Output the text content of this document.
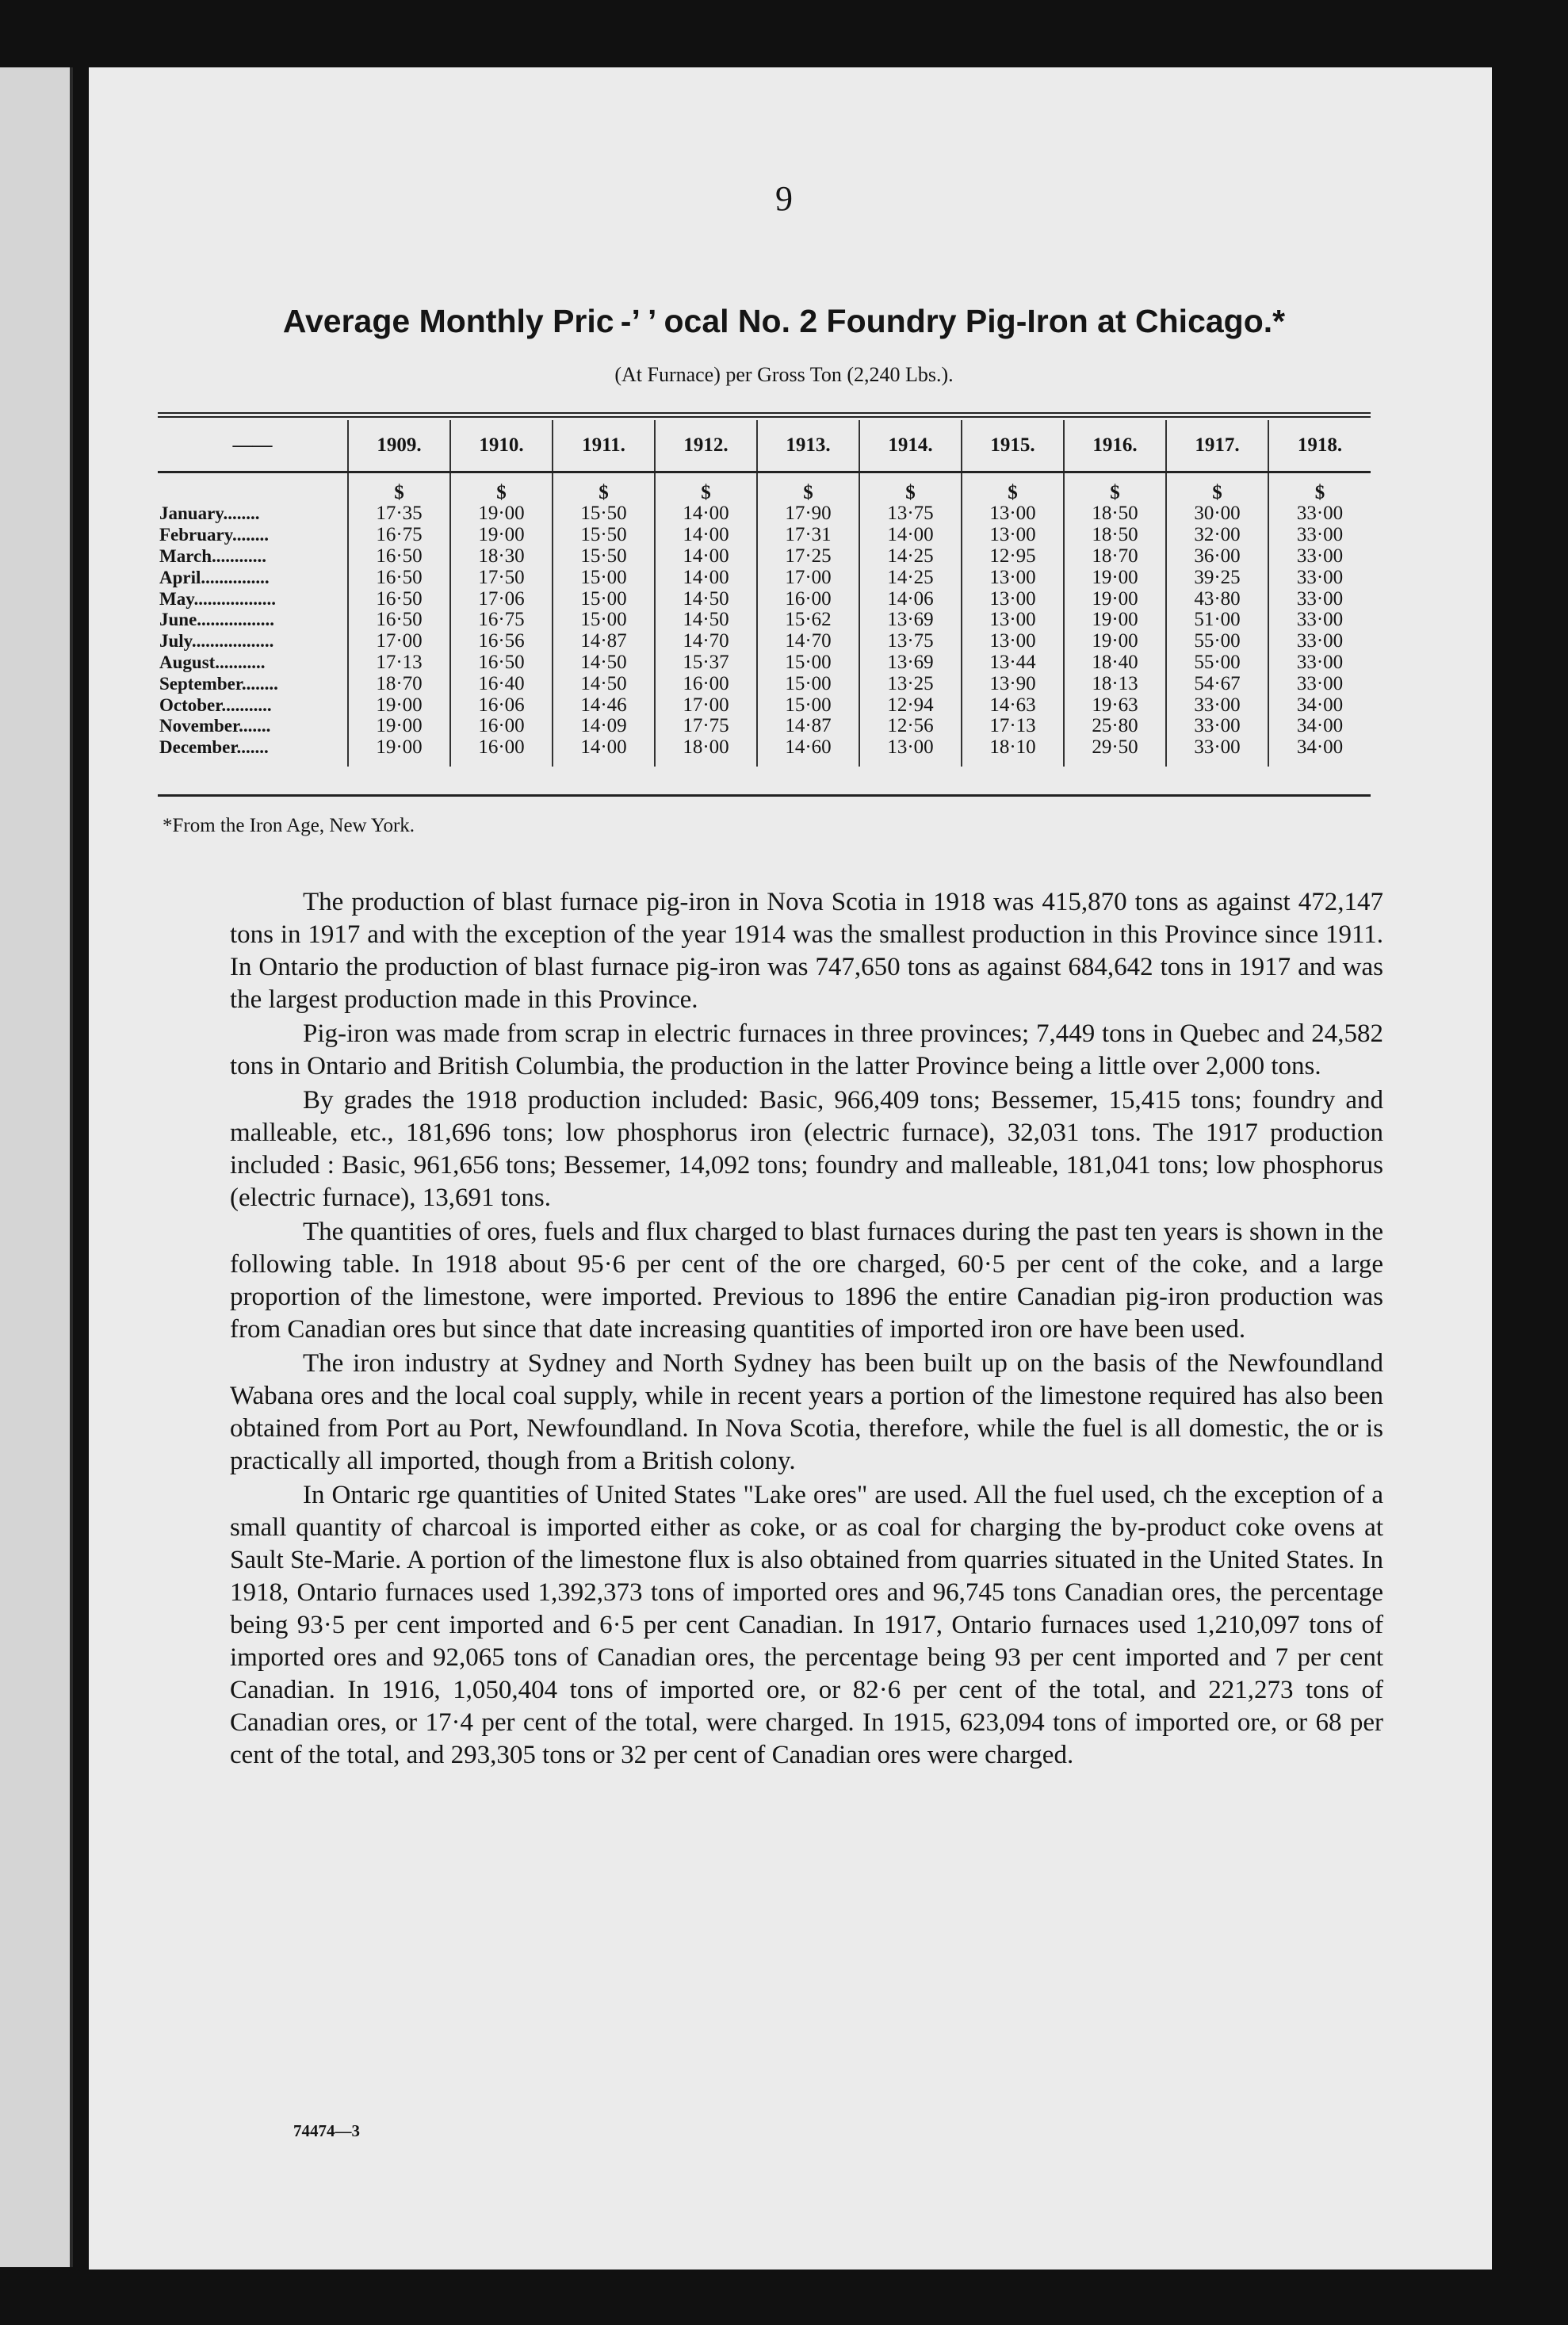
9
Average Monthly Pric -’ ’ ocal No. 2 Foundry Pig-Iron at Chicago.*
(At Furnace) per Gross Ton (2,240 Lbs.).
——	1909.	1910.	1911.	1912.	1913.	1914.	1915.	1916.	1917.	1918.
	$	$	$	$	$	$	$	$	$	$
January........	17·35	19·00	15·50	14·00	17·90	13·75	13·00	18·50	30·00	33·00
February........	16·75	19·00	15·50	14·00	17·31	14·00	13·00	18·50	32·00	33·00
March............	16·50	18·30	15·50	14·00	17·25	14·25	12·95	18·70	36·00	33·00
April...............	16·50	17·50	15·00	14·00	17·00	14·25	13·00	19·00	39·25	33·00
May..................	16·50	17·06	15·00	14·50	16·00	14·06	13·00	19·00	43·80	33·00
June.................	16·50	16·75	15·00	14·50	15·62	13·69	13·00	19·00	51·00	33·00
July..................	17·00	16·56	14·87	14·70	14·70	13·75	13·00	19·00	55·00	33·00
August...........	17·13	16·50	14·50	15·37	15·00	13·69	13·44	18·40	55·00	33·00
September........	18·70	16·40	14·50	16·00	15·00	13·25	13·90	18·13	54·67	33·00
October...........	19·00	16·06	14·46	17·00	15·00	12·94	14·63	19·63	33·00	34·00
November.......	19·00	16·00	14·09	17·75	14·87	12·56	17·13	25·80	33·00	34·00
December.......	19·00	16·00	14·00	18·00	14·60	13·00	18·10	29·50	33·00	34·00
*From the Iron Age, New York.

The production of blast furnace pig-iron in Nova Scotia in 1918 was 415,870 tons as against 472,147 tons in 1917 and with the exception of the year 1914 was the smallest production in this Province since 1911. In Ontario the production of blast furnace pig-iron was 747,650 tons as against 684,642 tons in 1917 and was the largest production made in this Province.

Pig-iron was made from scrap in electric furnaces in three provinces; 7,449 tons in Quebec and 24,582 tons in Ontario and British Columbia, the production in the latter Province being a little over 2,000 tons.

By grades the 1918 production included: Basic, 966,409 tons; Bessemer, 15,415 tons; foundry and malleable, etc., 181,696 tons; low phosphorus iron (electric furnace), 32,031 tons. The 1917 production included : Basic, 961,656 tons; Bessemer, 14,092 tons; foundry and malleable, 181,041 tons; low phosphorus (electric furnace), 13,691 tons.

The quantities of ores, fuels and flux charged to blast furnaces during the past ten years is shown in the following table. In 1918 about 95·6 per cent of the ore charged, 60·5 per cent of the coke, and a large proportion of the limestone, were imported. Previous to 1896 the entire Canadian pig-iron production was from Canadian ores but since that date increasing quantities of imported iron ore have been used.

The iron industry at Sydney and North Sydney has been built up on the basis of the Newfoundland Wabana ores and the local coal supply, while in recent years a portion of the limestone required has also been obtained from Port au Port, Newfoundland. In Nova Scotia, therefore, while the fuel is all domestic, the or is practically all imported, though from a British colony.

In Ontaric rge quantities of United States "Lake ores" are used. All the fuel used, ch the exception of a small quantity of charcoal is imported either as coke, or as coal for charging the by-product coke ovens at Sault Ste-Marie. A portion of the limestone flux is also obtained from quarries situated in the United States. In 1918, Ontario furnaces used 1,392,373 tons of imported ores and 96,745 tons Canadian ores, the percentage being 93·5 per cent imported and 6·5 per cent Canadian. In 1917, Ontario furnaces used 1,210,097 tons of imported ores and 92,065 tons of Canadian ores, the percentage being 93 per cent imported and 7 per cent Canadian. In 1916, 1,050,404 tons of imported ore, or 82·6 per cent of the total, and 221,273 tons of Canadian ores, or 17·4 per cent of the total, were charged. In 1915, 623,094 tons of imported ore, or 68 per cent of the total, and 293,305 tons or 32 per cent of Canadian ores were charged.

74474—3
